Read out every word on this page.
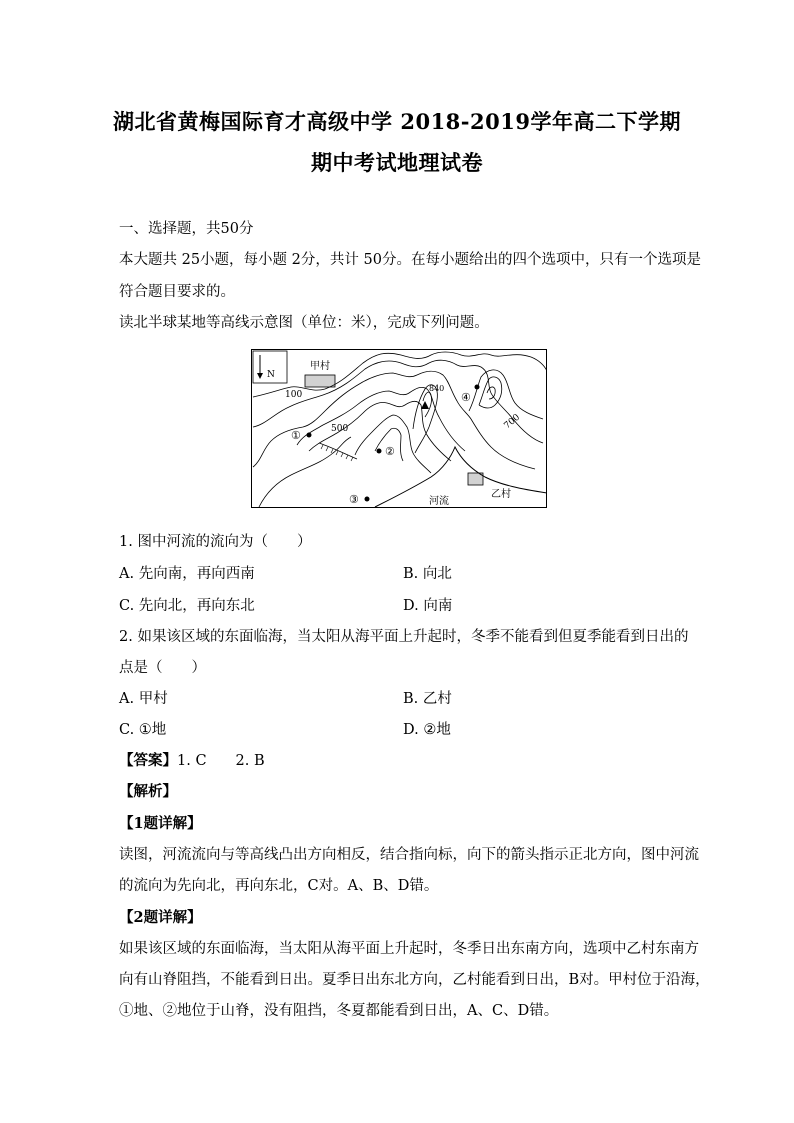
湖北省黄梅国际育才高级中学 2018-2019学年高二下学期
期中考试地理试卷
一、选择题，共50分
本大题共 25小题，每小题 2分，共计 50分。在每小题给出的四个选项中，只有一个选项是
符合题目要求的。
读北半球某地等高线示意图（单位：米），完成下列问题。
N
甲村
乙村
河流
100
500	700
840
①
②
③
④
1. 图中河流的流向为（　　）
A. 先向南，再向西南	B. 向北
C. 先向北，再向东北	D. 向南
2. 如果该区域的东面临海，当太阳从海平面上升起时，冬季不能看到但夏季能看到日出的
点是（　　）
A. 甲村	B. 乙村
C. ①地	D. ②地
【答案】1. C　　2. B
【解析】
【1题详解】
读图，河流流向与等高线凸出方向相反，结合指向标，向下的箭头指示正北方向，图中河流
的流向为先向北，再向东北，C对。A、B、D错。
【2题详解】
如果该区域的东面临海，当太阳从海平面上升起时，冬季日出东南方向，选项中乙村东南方
向有山脊阻挡，不能看到日出。夏季日出东北方向，乙村能看到日出，B对。甲村位于沿海，
①地、②地位于山脊，没有阻挡，冬夏都能看到日出，A、C、D错。
